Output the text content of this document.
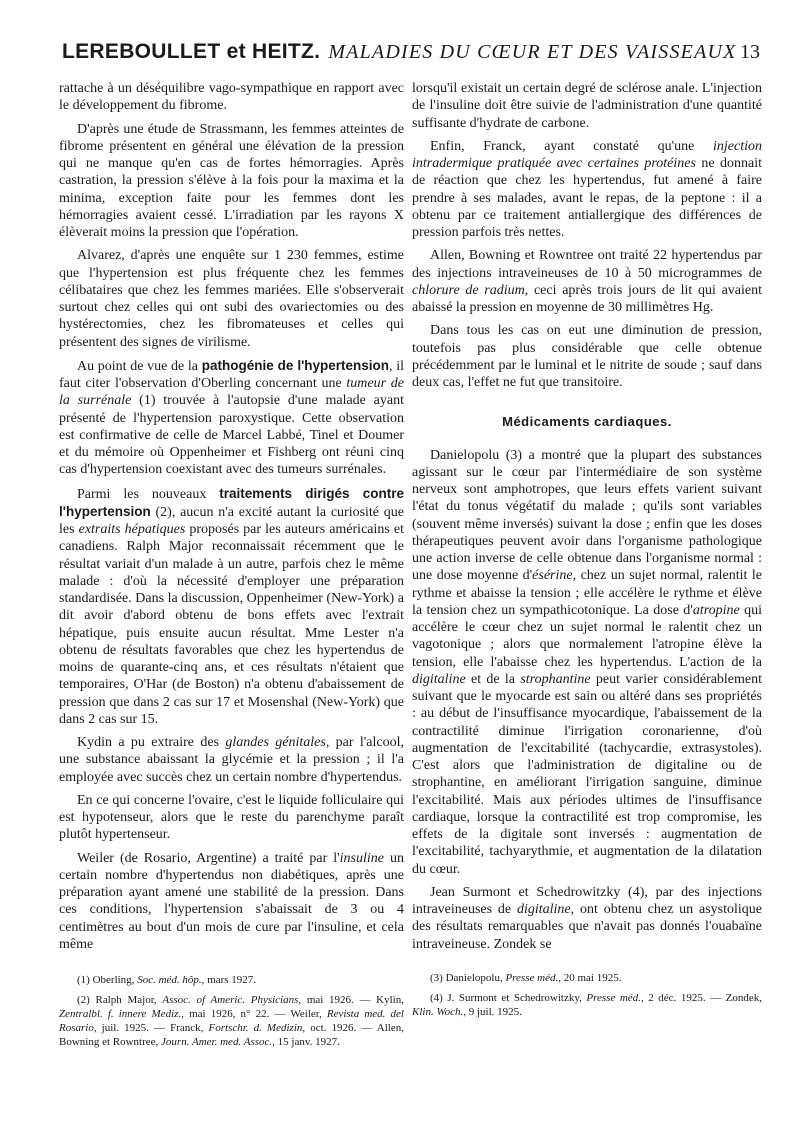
LEREBOULLET et HEITZ. MALADIES DU CŒUR ET DES VAISSEAUX 13

rattache à un déséquilibre vago-sympathique en rapport avec le développement du fibrome.

D'après une étude de Strassmann, les femmes atteintes de fibrome présentent en général une élévation de la pression qui ne manque qu'en cas de fortes hémorragies. Après castration, la pression s'élève à la fois pour la maxima et la minima, exception faite pour les femmes dont les hémorragies avaient cessé. L'irradiation par les rayons X élèverait moins la pression que l'opération.

Alvarez, d'après une enquête sur 1 230 femmes, estime que l'hypertension est plus fréquente chez les femmes célibataires que chez les femmes mariées. Elle s'observerait surtout chez celles qui ont subi des ovariectomies ou des hystérectomies, chez les fibromateuses et celles qui présentent des signes de virilisme.

Au point de vue de la pathogénie de l'hypertension, il faut citer l'observation d'Oberling concernant une tumeur de la surrénale (1) trouvée à l'autopsie d'une malade ayant présenté de l'hypertension paroxystique. Cette observation est confirmative de celle de Marcel Labbé, Tinel et Doumer et du mémoire où Oppenheimer et Fishberg ont réuni cinq cas d'hypertension coexistant avec des tumeurs surrénales.

Parmi les nouveaux traitements dirigés contre l'hypertension (2), aucun n'a excité autant la curiosité que les extraits hépatiques proposés par les auteurs américains et canadiens. Ralph Major reconnaissait récemment que le résultat variait d'un malade à un autre, parfois chez le même malade : d'où la nécessité d'employer une préparation standardisée. Dans la discussion, Oppenheimer (New-York) a dit avoir d'abord obtenu de bons effets avec l'extrait hépatique, puis ensuite aucun résultat. Mme Lester n'a obtenu de résultats favorables que chez les hypertendus de moins de quarante-cinq ans, et ces résultats n'étaient que temporaires, O'Har (de Boston) n'a obtenu d'abaissement de pression que dans 2 cas sur 17 et Mosenshal (New-York) que dans 2 cas sur 15.

Kydin a pu extraire des glandes génitales, par l'alcool, une substance abaissant la glycémie et la pression ; il l'a employée avec succès chez un certain nombre d'hypertendus.

En ce qui concerne l'ovaire, c'est le liquide folliculaire qui est hypotenseur, alors que le reste du parenchyme paraît plutôt hypertenseur.

Weiler (de Rosario, Argentine) a traité par l'insuline un certain nombre d'hypertendus non diabétiques, après une préparation ayant amené une stabilité de la pression. Dans ces conditions, l'hypertension s'abaissait de 3 ou 4 centimètres au bout d'un mois de cure par l'insuline, et cela même

(1) Oberling, Soc. méd. hôp., mars 1927.

(2) Ralph Major, Assoc. of Americ. Physicians, mai 1926. — Kylin, Zentralbl. f. innere Mediz., mai 1926, n° 22. — Weiler, Revista med. del Rosario, juil. 1925. — Franck, Fortschr. d. Medizin, oct. 1926. — Allen, Bowning et Rowntree, Journ. Amer. med. Assoc., 15 janv. 1927.

lorsqu'il existait un certain degré de sclérose anale. L'injection de l'insuline doit être suivie de l'administration d'une quantité suffisante d'hydrate de carbone.

Enfin, Franck, ayant constaté qu'une injection intradermique pratiquée avec certaines protéines ne donnait de réaction que chez les hypertendus, fut amené à faire prendre à ses malades, avant le repas, de la peptone : il a obtenu par ce traitement antiallergique des différences de pression parfois très nettes.

Allen, Bowning et Rowntree ont traité 22 hypertendus par des injections intraveineuses de 10 à 50 microgrammes de chlorure de radium, ceci après trois jours de lit qui avaient abaissé la pression en moyenne de 30 millimètres Hg.

Dans tous les cas on eut une diminution de pression, toutefois pas plus considérable que celle obtenue précédemment par le luminal et le nitrite de soude ; sauf dans deux cas, l'effet ne fut que transitoire.

Médicaments cardiaques.

Danielopolu (3) a montré que la plupart des substances agissant sur le cœur par l'intermédiaire de son système nerveux sont amphotropes, que leurs effets varient suivant l'état du tonus végétatif du malade ; qu'ils sont variables (souvent même inversés) suivant la dose ; enfin que les doses thérapeutiques peuvent avoir dans l'organisme pathologique une action inverse de celle obtenue dans l'organisme normal : une dose moyenne d'ésérine, chez un sujet normal, ralentit le rythme et abaisse la tension ; elle accélère le rythme et élève la tension chez un sympathicotonique. La dose d'atropine qui accélère le cœur chez un sujet normal le ralentit chez un vagotonique ; alors que normalement l'atropine élève la tension, elle l'abaisse chez les hypertendus. L'action de la digitaline et de la strophantine peut varier considérablement suivant que le myocarde est sain ou altéré dans ses propriétés : au début de l'insuffisance myocardique, l'abaissement de la contractilité diminue l'irrigation coronarienne, d'où augmentation de l'excitabilité (tachycardie, extrasystoles). C'est alors que l'administration de digitaline ou de strophantine, en améliorant l'irrigation sanguine, diminue l'excitabilité. Mais aux périodes ultimes de l'insuffisance cardiaque, lorsque la contractilité est trop compromise, les effets de la digitale sont inversés : augmentation de l'excitabilité, tachyarythmie, et augmentation de la dilatation du cœur.

Jean Surmont et Schedrowitzky (4), par des injections intraveineuses de digitaline, ont obtenu chez un asystolique des résultats remarquables que n'avait pas donnés l'ouabaïne intraveineuse. Zondek se

(3) Danielopolu, Presse méd., 20 mai 1925.

(4) J. Surmont et Schedrowitzky, Presse méd., 2 déc. 1925. — Zondek, Klin. Woch., 9 juil. 1925.
